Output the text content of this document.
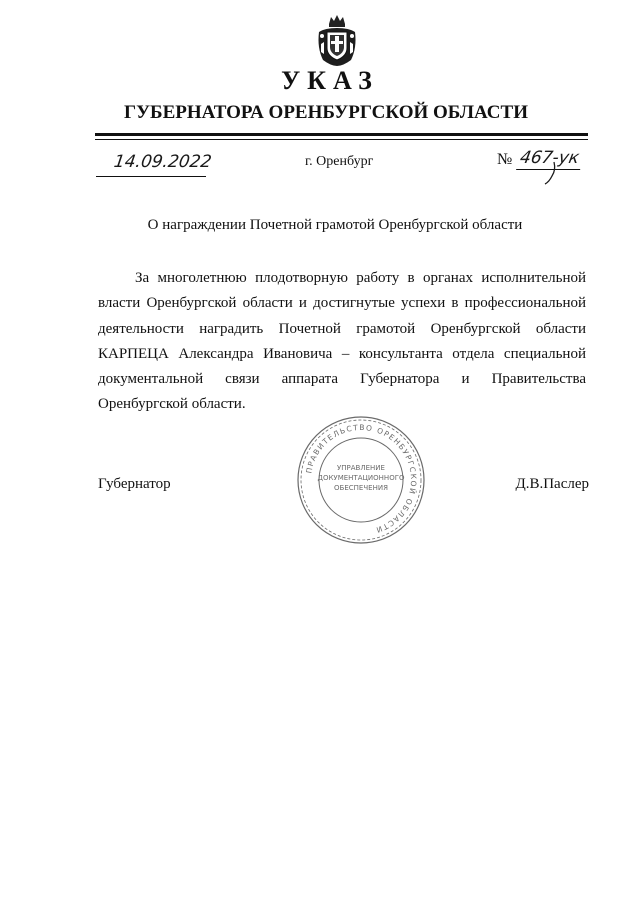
УКАЗ
ГУБЕРНАТОРА ОРЕНБУРГСКОЙ ОБЛАСТИ
14.09.2022	г. Оренбург	№ 467-ук
О награждении Почетной грамотой Оренбургской области

За многолетнюю плодотворную работу в органах исполнительной власти Оренбургской области и достигнутые успехи в профессиональной деятельности наградить Почетной грамотой Оренбургской области КАРПЕЦА Александра Ивановича – консультанта отдела специальной документальной связи аппарата Губернатора и Правительства Оренбургской области.

ПРАВИТЕЛЬСТВО ОРЕНБУРГСКОЙ ОБЛАСТИ
УПРАВЛЕНИЕ
ДОКУМЕНТАЦИОННОГО
ОБЕСПЕЧЕНИЯ
Губернатор	Д.В.Паслер
